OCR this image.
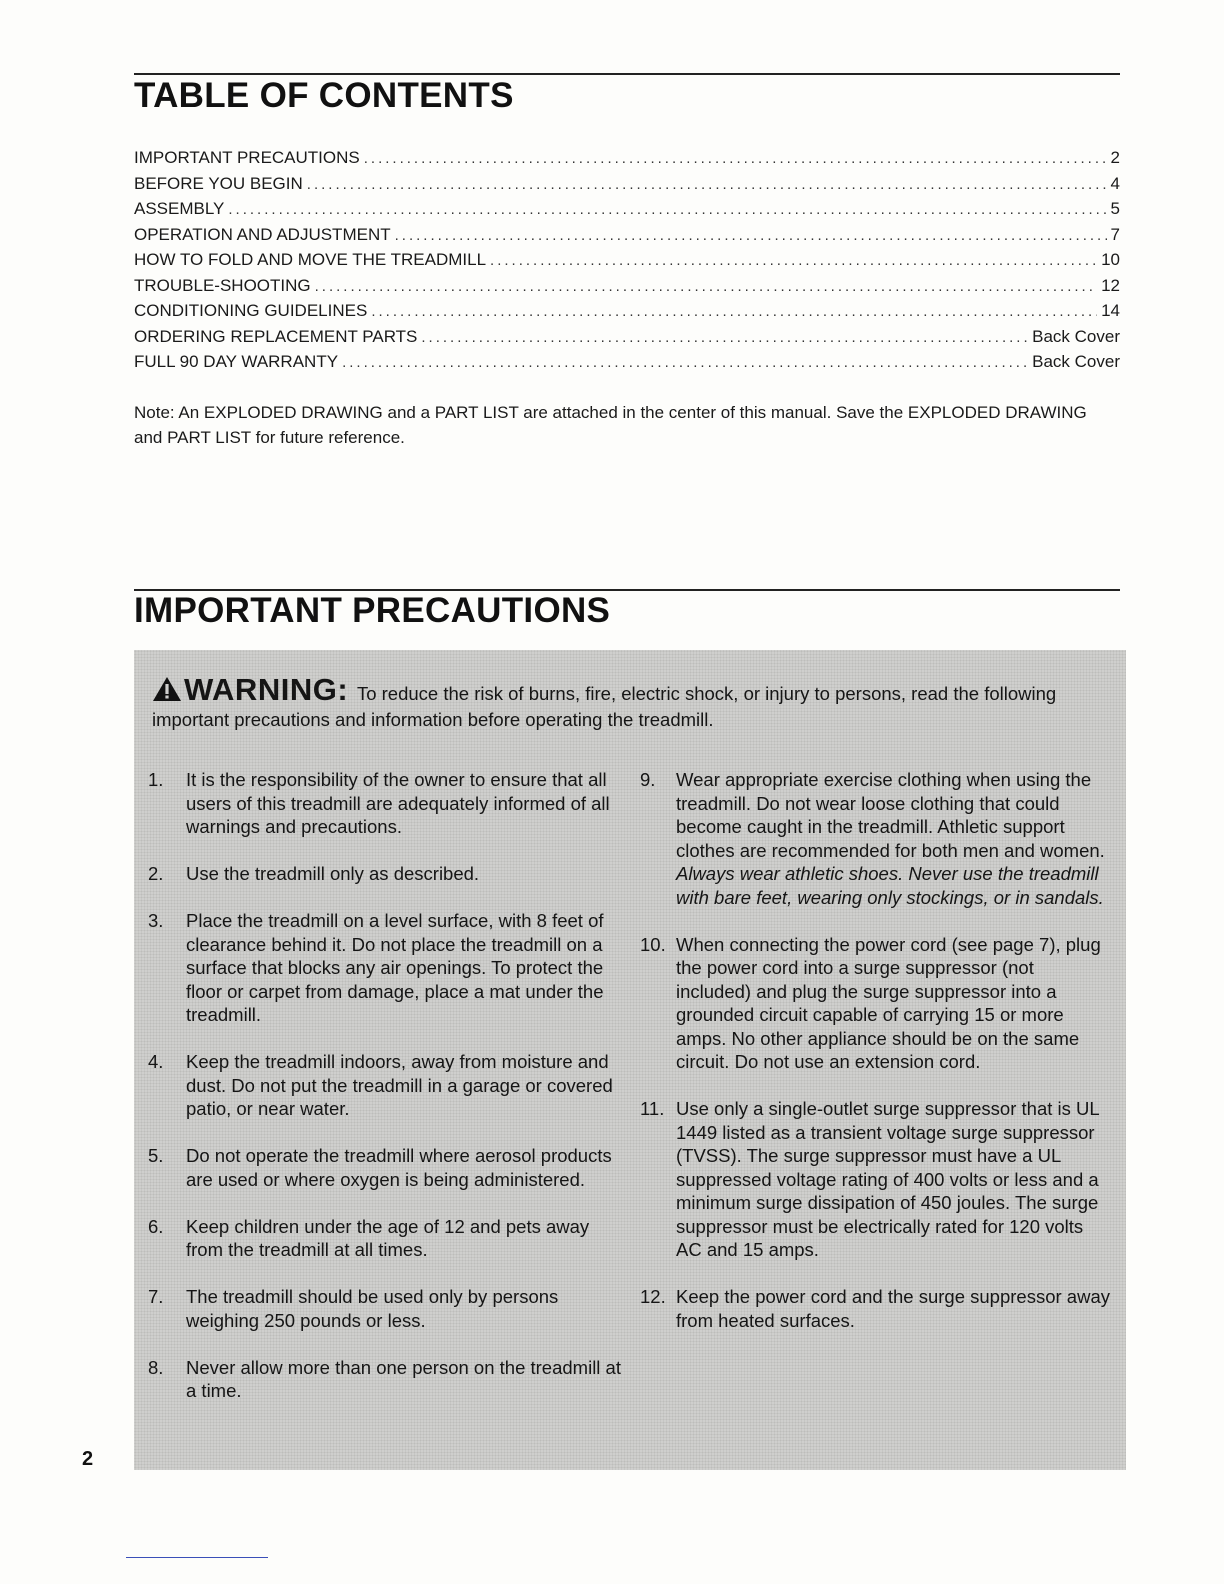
TABLE OF CONTENTS
IMPORTANT PRECAUTIONS .....	2
BEFORE YOU BEGIN .....	4
ASSEMBLY .....	5
OPERATION AND ADJUSTMENT .....	7
HOW TO FOLD AND MOVE THE TREADMILL .....	10
TROUBLE-SHOOTING .....	12
CONDITIONING GUIDELINES .....	14
ORDERING REPLACEMENT PARTS .....	Back Cover
FULL 90 DAY WARRANTY .....	Back Cover

Note: An EXPLODED DRAWING and a PART LIST are attached in the center of this manual. Save the EXPLODED DRAWING and PART LIST for future reference.

IMPORTANT PRECAUTIONS

WARNING: To reduce the risk of burns, fire, electric shock, or injury to persons, read the following important precautions and information before operating the treadmill.

1.	It is the responsibility of the owner to ensure that all users of this treadmill are adequately informed of all warnings and precautions.
2.	Use the treadmill only as described.
3.	Place the treadmill on a level surface, with 8 feet of clearance behind it. Do not place the treadmill on a surface that blocks any air openings. To protect the floor or carpet from damage, place a mat under the treadmill.
4.	Keep the treadmill indoors, away from moisture and dust. Do not put the treadmill in a garage or covered patio, or near water.
5.	Do not operate the treadmill where aerosol products are used or where oxygen is being administered.
6.	Keep children under the age of 12 and pets away from the treadmill at all times.
7.	The treadmill should be used only by persons weighing 250 pounds or less.
8.	Never allow more than one person on the treadmill at a time.
9.	Wear appropriate exercise clothing when using the treadmill. Do not wear loose clothing that could become caught in the treadmill. Athletic support clothes are recommended for both men and women. Always wear athletic shoes. Never use the treadmill with bare feet, wearing only stockings, or in sandals.
10. When connecting the power cord (see page 7), plug the power cord into a surge suppressor (not included) and plug the surge suppressor into a grounded circuit capable of carrying 15 or more amps. No other appliance should be on the same circuit. Do not use an extension cord.
11. Use only a single-outlet surge suppressor that is UL 1449 listed as a transient voltage surge suppressor (TVSS). The surge suppressor must have a UL suppressed voltage rating of 400 volts or less and a minimum surge dissipation of 450 joules. The surge suppressor must be electrically rated for 120 volts AC and 15 amps.
12. Keep the power cord and the surge suppressor away from heated surfaces.

2
